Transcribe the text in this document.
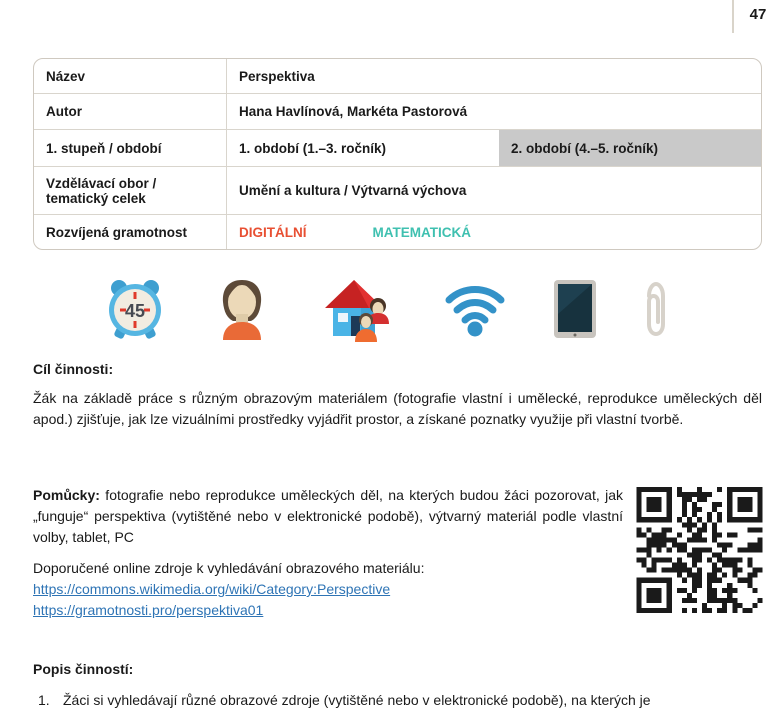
47
Název	Perspektiva
Autor	Hana Havlínová, Markéta Pastorová
1. stupeň / období	1. období (1.–3. ročník)	2. období (4.–5. ročník)
Vzdělávací obor / tematický celek	Umění a kultura / Výtvarná výchova
Rozvíjená gramotnost	DIGITÁLNÍ	MATEMATICKÁ
45
Cíl činnosti:
Žák na základě práce s různým obrazovým materiálem (fotografie vlastní i umělecké, reprodukce uměleckých děl apod.) zjišťuje, jak lze vizuálními prostředky vyjádřit prostor, a získané poznatky využije při vlastní tvorbě.
Pomůcky: fotografie nebo reprodukce uměleckých děl, na kterých budou žáci pozorovat, jak „funguje“ perspektiva (vytištěné nebo v elektronické podobě), výtvarný materiál podle vlastní volby, tablet, PC
Doporučené online zdroje k vyhledávání obrazového materiálu:
https://commons.wikimedia.org/wiki/Category:Perspective
https://gramotnosti.pro/perspektiva01
Popis činností:
1. Žáci si vyhledávají různé obrazové zdroje (vytištěné nebo v elektronické podobě), na kterých je
